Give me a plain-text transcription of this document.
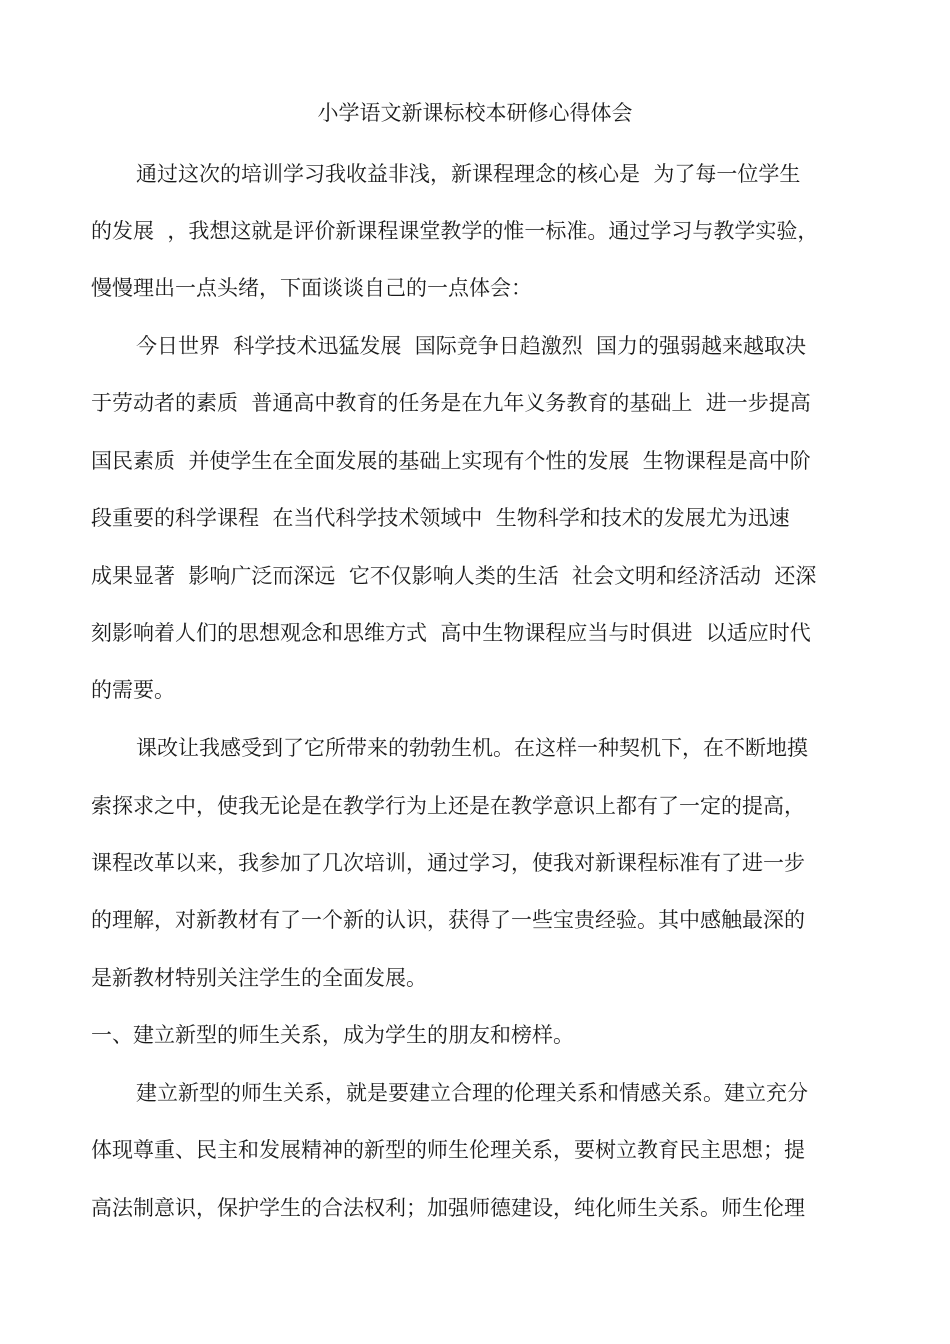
小学语文新课标校本研修心得体会
通过这次的培训学习我收益非浅，新课程理念的核心是  为了每一位学生
的发展  ，我想这就是评价新课程课堂教学的惟一标准。通过学习与教学实验，
慢慢理出一点头绪，下面谈谈自己的一点体会：
今日世界  科学技术迅猛发展  国际竞争日趋激烈  国力的强弱越来越取决
于劳动者的素质  普通高中教育的任务是在九年义务教育的基础上  进一步提高
国民素质  并使学生在全面发展的基础上实现有个性的发展  生物课程是高中阶
段重要的科学课程  在当代科学技术领域中  生物科学和技术的发展尤为迅速
成果显著  影响广泛而深远  它不仅影响人类的生活  社会文明和经济活动  还深
刻影响着人们的思想观念和思维方式  高中生物课程应当与时俱进  以适应时代
的需要。
课改让我感受到了它所带来的勃勃生机。在这样一种契机下，在不断地摸
索探求之中，使我无论是在教学行为上还是在教学意识上都有了一定的提高，
课程改革以来，我参加了几次培训，通过学习，使我对新课程标准有了进一步
的理解，对新教材有了一个新的认识，获得了一些宝贵经验。其中感触最深的
是新教材特别关注学生的全面发展。
一、建立新型的师生关系，成为学生的朋友和榜样。
建立新型的师生关系，就是要建立合理的伦理关系和情感关系。建立充分
体现尊重、民主和发展精神的新型的师生伦理关系，要树立教育民主思想；提
高法制意识，保护学生的合法权利；加强师德建设，纯化师生关系。师生伦理
